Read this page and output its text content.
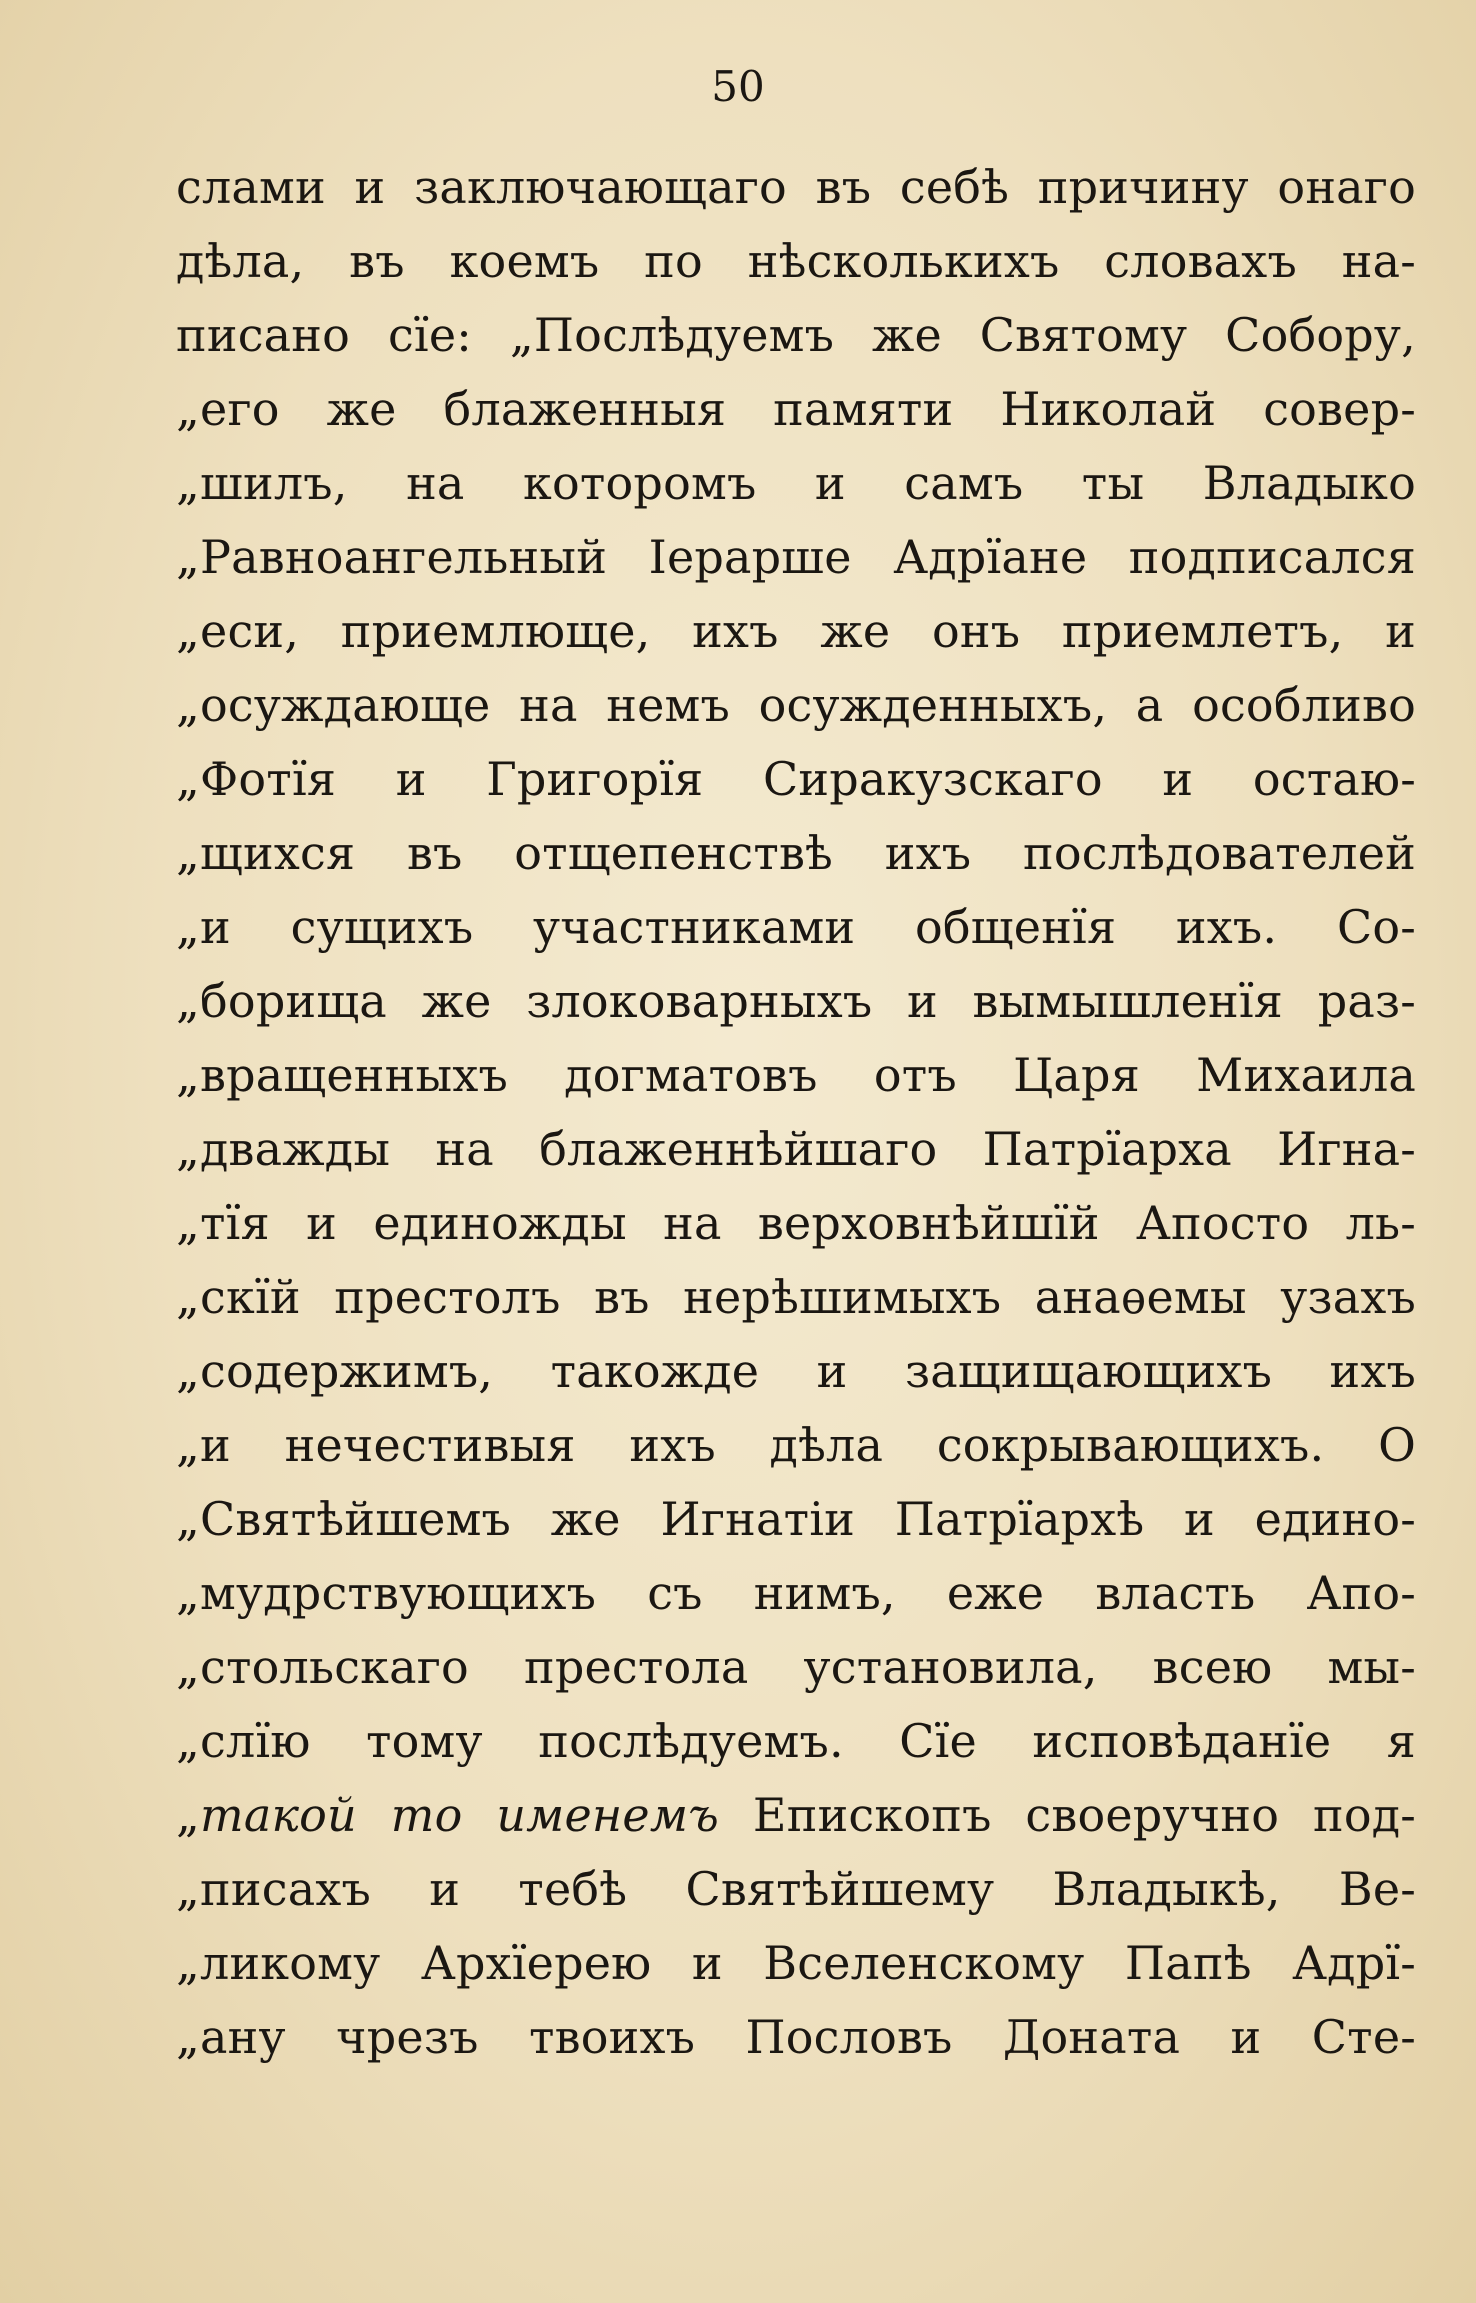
50
слами и заключающаго въ себѣ причину онаго
дѣла, въ коемъ по нѣсколькихъ словахъ на-
писано сїе: „Послѣдуемъ же Святому Собору,
„его же блаженныя памяти Николай совер-
„шилъ, на которомъ и самъ ты Владыко
„Равноангельный Iерарше Адрїане подписался
„еси, приемлюще, ихъ же онъ приемлетъ, и
„осуждающе на немъ осужденныхъ, а особливо
„Фотїя и Григорїя Сиракузскаго и остаю-
„щихся въ отщепенствѣ ихъ послѣдователей
„и сущихъ участниками общенїя ихъ. Со-
„борища же злоковарныхъ и вымышленїя раз-
„вращенныхъ догматовъ отъ Царя Михаила
„дважды на блаженнѣйшаго Патрїарха Игна-
„тїя и единожды на верховнѣйшїй Апосто ль-
„скїй престолъ въ нерѣшимыхъ анаѳемы узахъ
„содержимъ, такожде и защищающихъ ихъ
„и нечестивыя ихъ дѣла сокрывающихъ. О
„Святѣйшемъ же Игнатiи Патрїархѣ и едино-
„мудрствующихъ съ нимъ, еже власть Апо-
„стольскаго престола установила, всею мы-
„слїю тому послѣдуемъ. Сїе исповѣданїе я
„такой то именемъ Епископъ своеручно под-
„писахъ и тебѣ Святѣйшему Владыкѣ, Ве-
„ликому Архїерею и Вселенскому Папѣ Адрї-
„ану чрезъ твоихъ Пословъ Доната и Сте-
